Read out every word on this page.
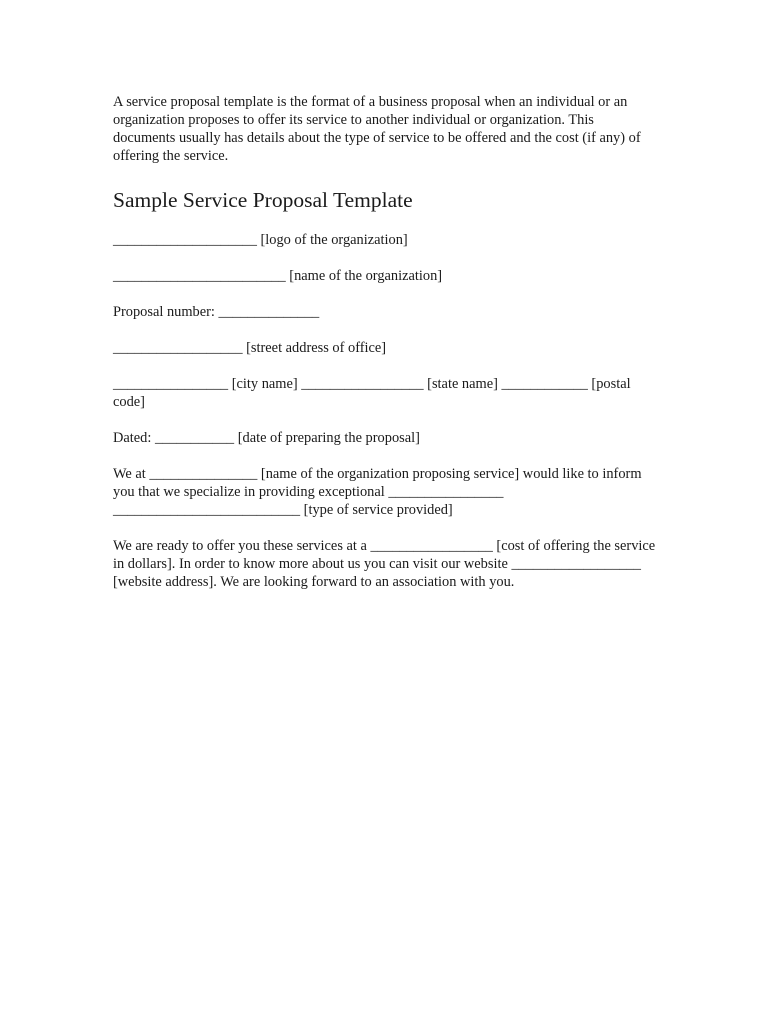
A service proposal template is the format of a business proposal when an individual or an organization proposes to offer its service to another individual or organization. This documents usually has details about the type of service to be offered and the cost (if any) of offering the service.

Sample Service Proposal Template

____________________ [logo of the organization]

________________________ [name of the organization]

Proposal number: ______________

__________________ [street address of office]

________________ [city name] _________________ [state name] ____________ [postal code]

Dated: ___________ [date of preparing the proposal]

We at _______________ [name of the organization proposing service] would like to inform you that we specialize in providing exceptional ________________ __________________________ [type of service provided]

We are ready to offer you these services at a _________________ [cost of offering the service in dollars]. In order to know more about us you can visit our website __________________ [website address]. We are looking forward to an association with you.
